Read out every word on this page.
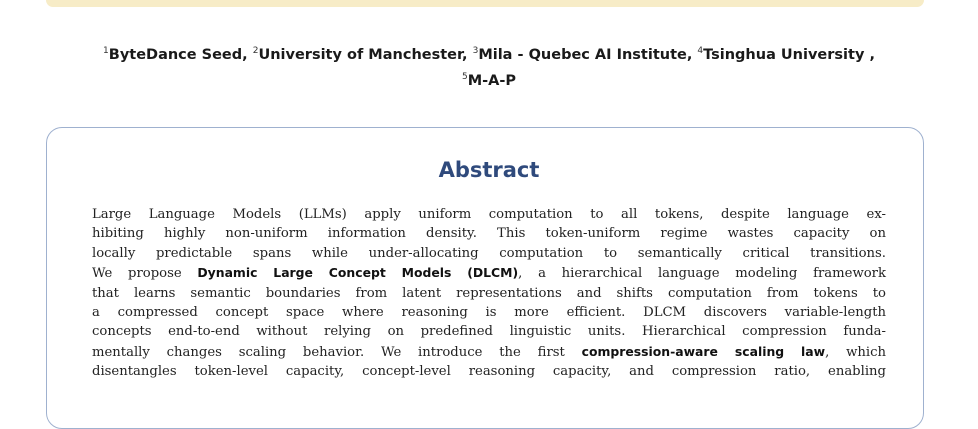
$^1$ByteDance Seed, $^2$University of Manchester, $^3$Mila - Quebec AI Institute, $^4$Tsinghua University ,
$^5$M-A-P
Abstract
Large Language Models (LLMs) apply uniform computation to all tokens, despite language ex-
hibiting highly non-uniform information density. This token-uniform regime wastes capacity on
locally predictable spans while under-allocating computation to semantically critical transitions.
We propose Dynamic Large Concept Models (DLCM), a hierarchical language modeling framework
that learns semantic boundaries from latent representations and shifts computation from tokens to
a compressed concept space where reasoning is more efficient. DLCM discovers variable-length
concepts end-to-end without relying on predefined linguistic units. Hierarchical compression funda-
mentally changes scaling behavior. We introduce the first compression-aware scaling law, which
disentangles token-level capacity, concept-level reasoning capacity, and compression ratio, enabling
